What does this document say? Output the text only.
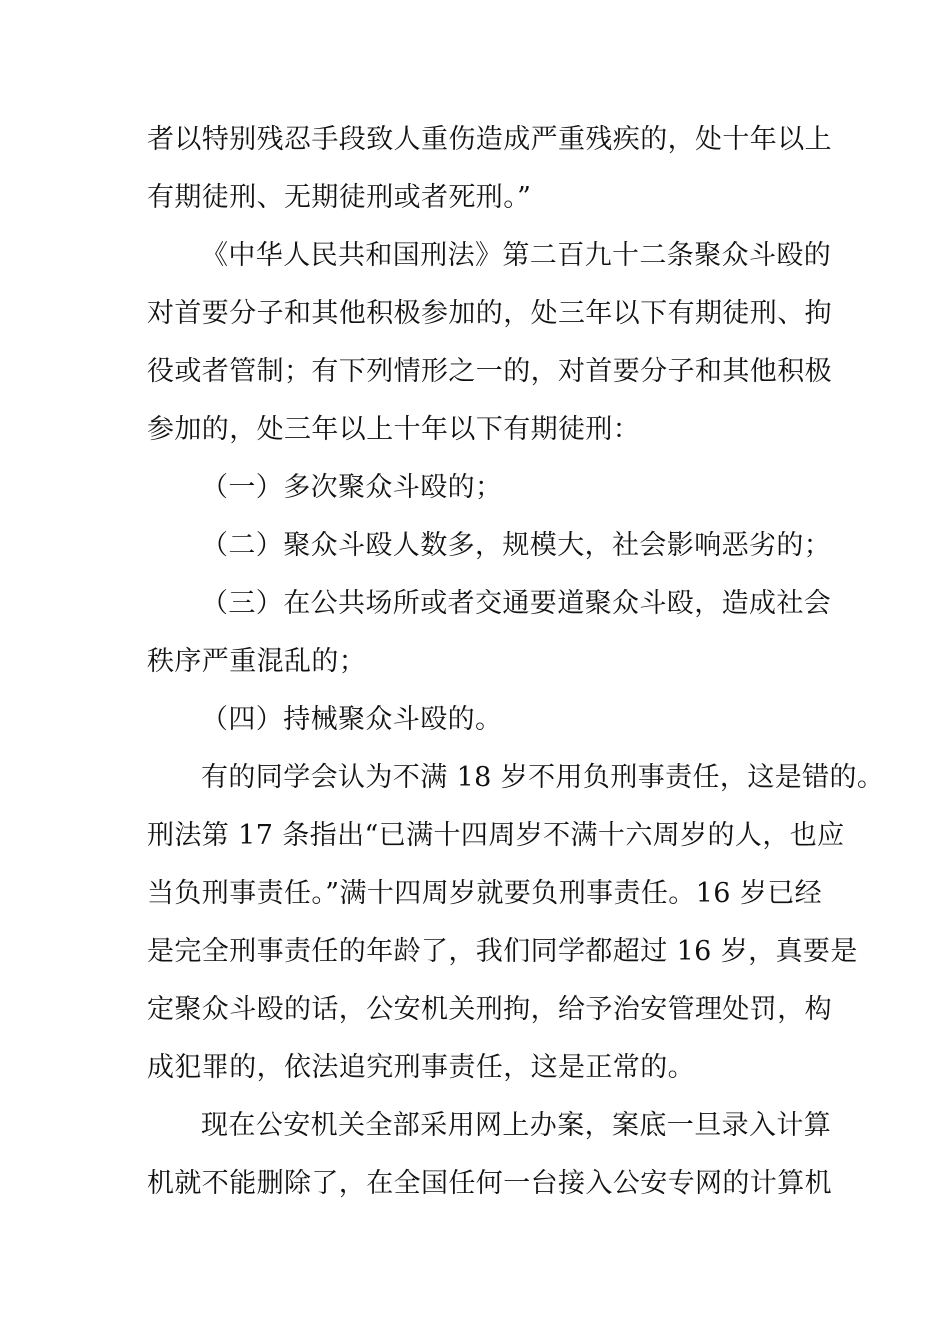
者以特别残忍手段致人重伤造成严重残疾的，处十年以上
有期徒刑、无期徒刑或者死刑。”
《中华人民共和国刑法》第二百九十二条聚众斗殴的
对首要分子和其他积极参加的，处三年以下有期徒刑、拘
役或者管制；有下列情形之一的，对首要分子和其他积极
参加的，处三年以上十年以下有期徒刑：
（一）多次聚众斗殴的；
（二）聚众斗殴人数多，规模大，社会影响恶劣的；
（三）在公共场所或者交通要道聚众斗殴，造成社会
秩序严重混乱的；
（四）持械聚众斗殴的。
有的同学会认为不满 18 岁不用负刑事责任，这是错的。
刑法第 17 条指出“已满十四周岁不满十六周岁的人，也应
当负刑事责任。”满十四周岁就要负刑事责任。16 岁已经
是完全刑事责任的年龄了，我们同学都超过 16 岁，真要是
定聚众斗殴的话，公安机关刑拘，给予治安管理处罚，构
成犯罪的，依法追究刑事责任，这是正常的。
现在公安机关全部采用网上办案，案底一旦录入计算
机就不能删除了，在全国任何一台接入公安专网的计算机
